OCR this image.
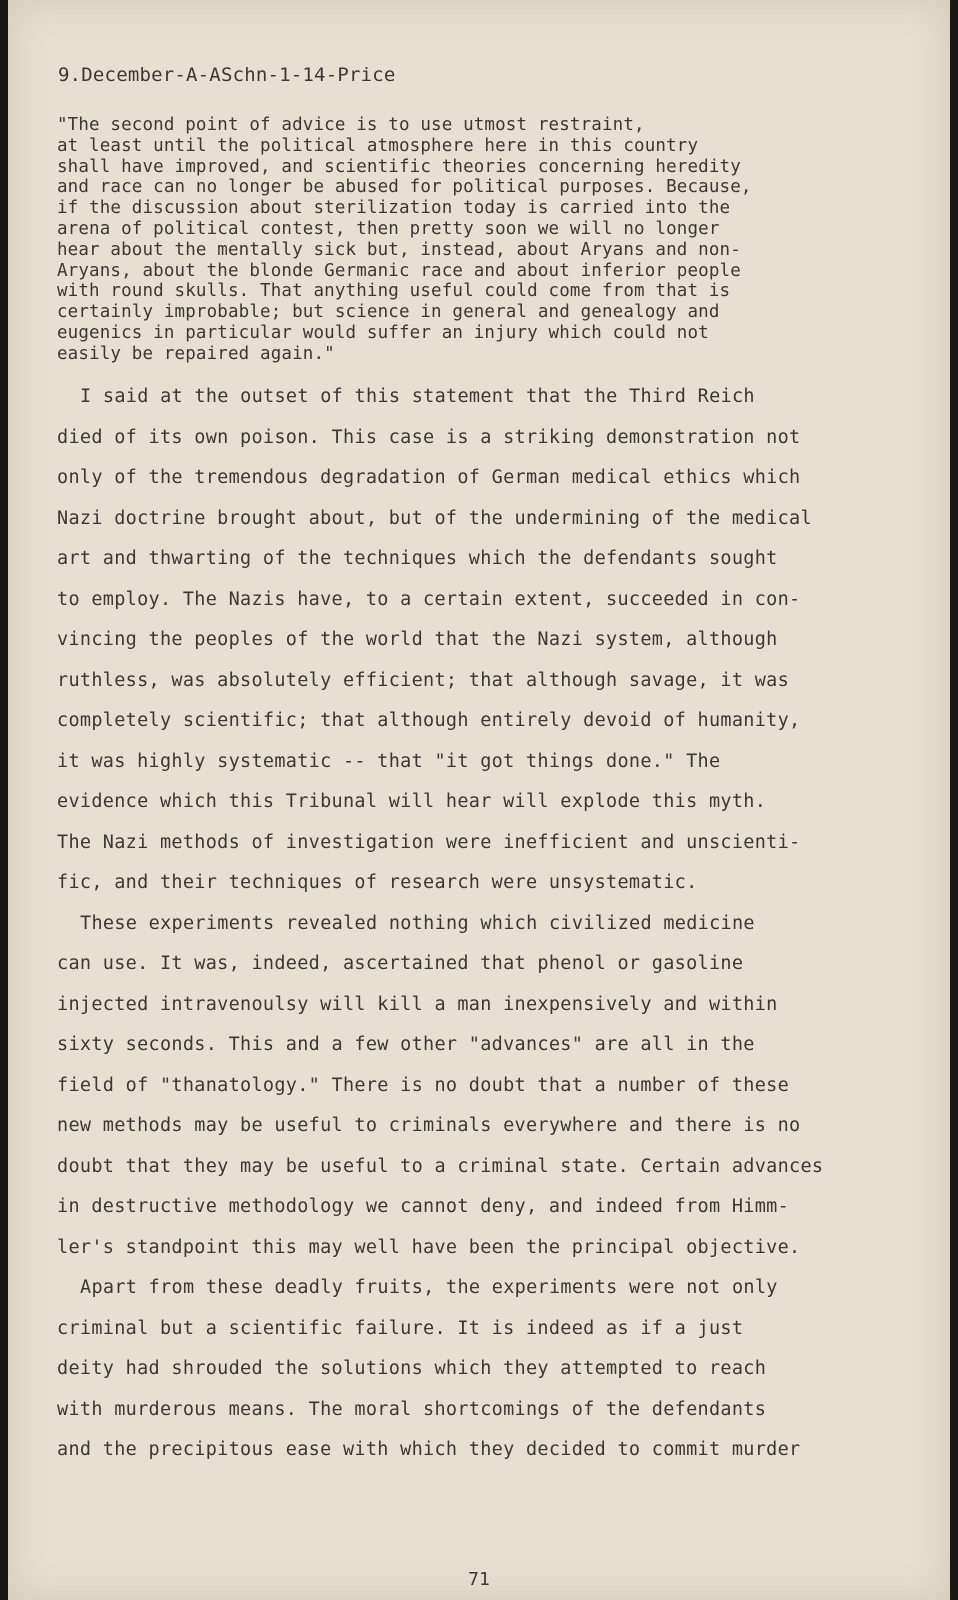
9.December-A-ASchn-1-14-Price

"The second point of advice is to use utmost restraint,
at least until the political atmosphere here in this country
shall have improved, and scientific theories concerning heredity
and race can no longer be abused for political purposes. Because,
if the discussion about sterilization today is carried into the
arena of political contest, then pretty soon we will no longer
hear about the mentally sick but, instead, about Aryans and non-
Aryans, about the blonde Germanic race and about inferior people
with round skulls. That anything useful could come from that is
certainly improbable; but science in general and genealogy and
eugenics in particular would suffer an injury which could not
easily be repaired again."
I said at the outset of this statement that the Third Reich
died of its own poison. This case is a striking demonstration not
only of the tremendous degradation of German medical ethics which
Nazi doctrine brought about, but of the undermining of the medical
art and thwarting of the techniques which the defendants sought
to employ. The Nazis have, to a certain extent, succeeded in con-
vincing the peoples of the world that the Nazi system, although
ruthless, was absolutely efficient; that although savage, it was
completely scientific; that although entirely devoid of humanity,
it was highly systematic -- that "it got things done." The
evidence which this Tribunal will hear will explode this myth.
The Nazi methods of investigation were inefficient and unscienti-
fic, and their techniques of research were unsystematic.
These experiments revealed nothing which civilized medicine
can use. It was, indeed, ascertained that phenol or gasoline
injected intravenoulsy will kill a man inexpensively and within
sixty seconds. This and a few other "advances" are all in the
field of "thanatology." There is no doubt that a number of these
new methods may be useful to criminals everywhere and there is no
doubt that they may be useful to a criminal state. Certain advances
in destructive methodology we cannot deny, and indeed from Himm-
ler's standpoint this may well have been the principal objective.
Apart from these deadly fruits, the experiments were not only
criminal but a scientific failure. It is indeed as if a just
deity had shrouded the solutions which they attempted to reach
with murderous means. The moral shortcomings of the defendants
and the precipitous ease with which they decided to commit murder

71
